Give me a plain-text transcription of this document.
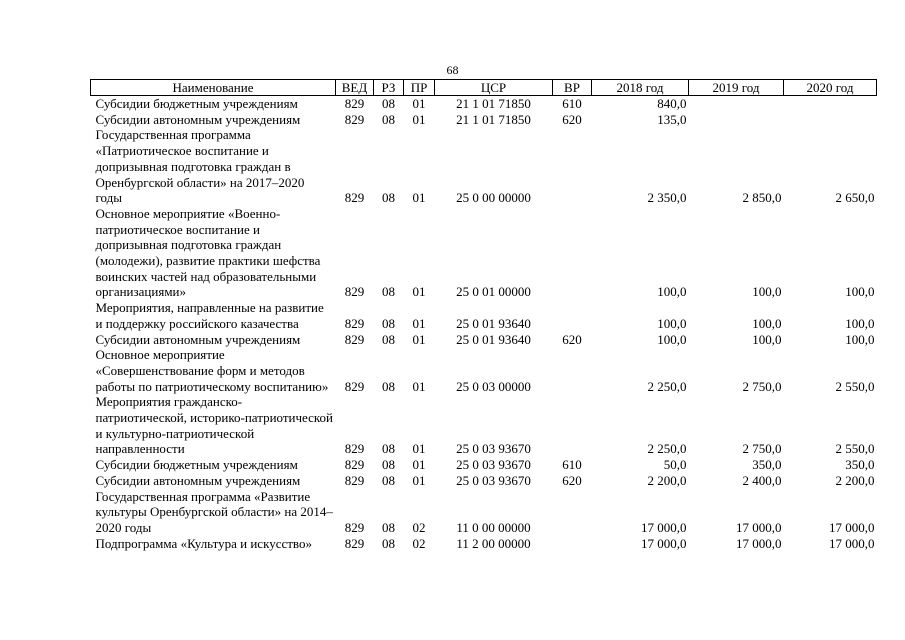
68
Наименование	ВЕД	РЗ	ПР	ЦСР	ВР	2018 год	2019 год	2020 год
Субсидии бюджетным учреждениям	829	08	01	21 1 01 71850	610	840,0		
Субсидии автономным учреждениям	829	08	01	21 1 01 71850	620	135,0		
Государственная программа «Патриотическое воспитание и допризывная подготовка граждан в Оренбургской области» на 2017–2020 годы	829	08	01	25 0 00 00000		2 350,0	2 850,0	2 650,0
Основное мероприятие «Военно-патриотическое воспитание и допризывная подготовка граждан (молодежи), развитие практики шефства воинских частей над образовательными организациями»	829	08	01	25 0 01 00000		100,0	100,0	100,0
Мероприятия, направленные на развитие и поддержку российского казачества	829	08	01	25 0 01 93640		100,0	100,0	100,0
Субсидии автономным учреждениям	829	08	01	25 0 01 93640	620	100,0	100,0	100,0
Основное мероприятие «Совершенствование форм и методов работы по патриотическому воспитанию»	829	08	01	25 0 03 00000		2 250,0	2 750,0	2 550,0
Мероприятия гражданско-патриотической, историко-патриотической и культурно-патриотической направленности	829	08	01	25 0 03 93670		2 250,0	2 750,0	2 550,0
Субсидии бюджетным учреждениям	829	08	01	25 0 03 93670	610	50,0	350,0	350,0
Субсидии автономным учреждениям	829	08	01	25 0 03 93670	620	2 200,0	2 400,0	2 200,0
Государственная программа «Развитие культуры Оренбургской области» на 2014–2020 годы	829	08	02	11 0 00 00000		17 000,0	17 000,0	17 000,0
Подпрограмма «Культура и искусство»	829	08	02	11 2 00 00000		17 000,0	17 000,0	17 000,0
